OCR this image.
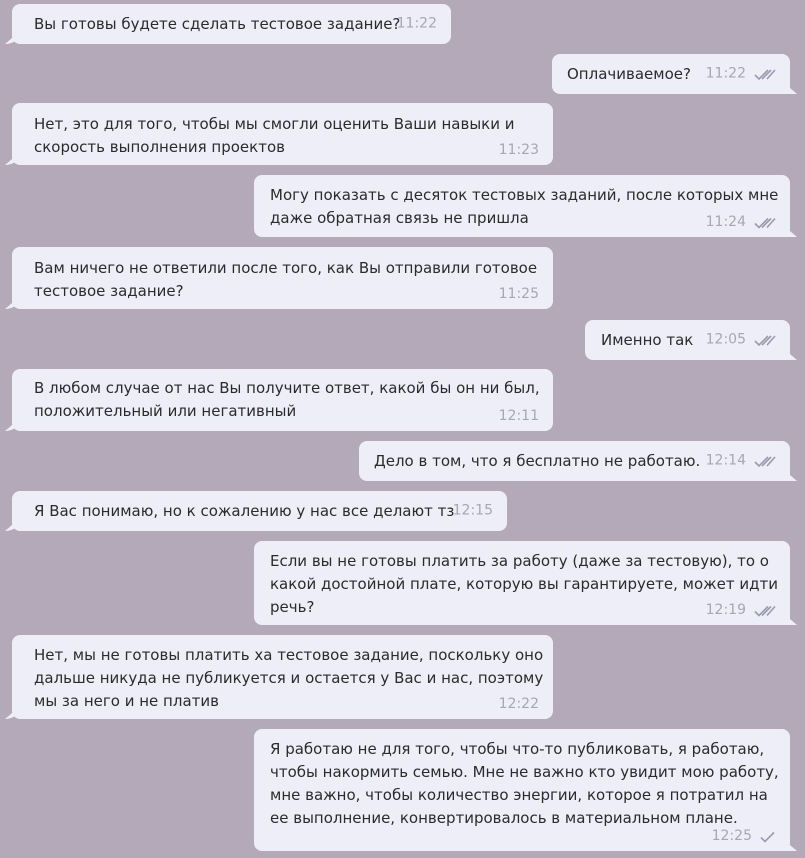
Вы готовы будете сделать тестовое задание?
11:22
Оплачиваемое?	11:22
Нет, это для того, чтобы мы смогли оценить Ваши навыки и
скорость выполнения проектов	11:23
Могу показать с десяток тестовых заданий, после которых мне
даже обратная связь не пришла	11:24
Вам ничего не ответили после того, как Вы отправили готовое
тестовое задание?	11:25
Именно так 12:05
В любом случае от нас Вы получите ответ, какой бы он ни был,
положительный или негативный	12:11
Дело в том, что я бесплатно не работаю. 12:14
Я Вас понимаю, но к сожалению у нас все делают тз
12:15
Если вы не готовы платить за работу (даже за тестовую), то о
какой достойной плате, которую вы гарантируете, может идти
речь?	12:19
Нет, мы не готовы платить ха тестовое задание, поскольку оно
дальше никуда не публикуется и остается у Вас и нас, поэтому
мы за него и не платив	12:22
Я работаю не для того, чтобы что-то публиковать, я работаю,
чтобы накормить семью. Мне не важно кто увидит мою работу,
мне важно, чтобы количество энергии, которое я потратил на
ее выполнение, конвертировалось в материальном плане.
12:25
